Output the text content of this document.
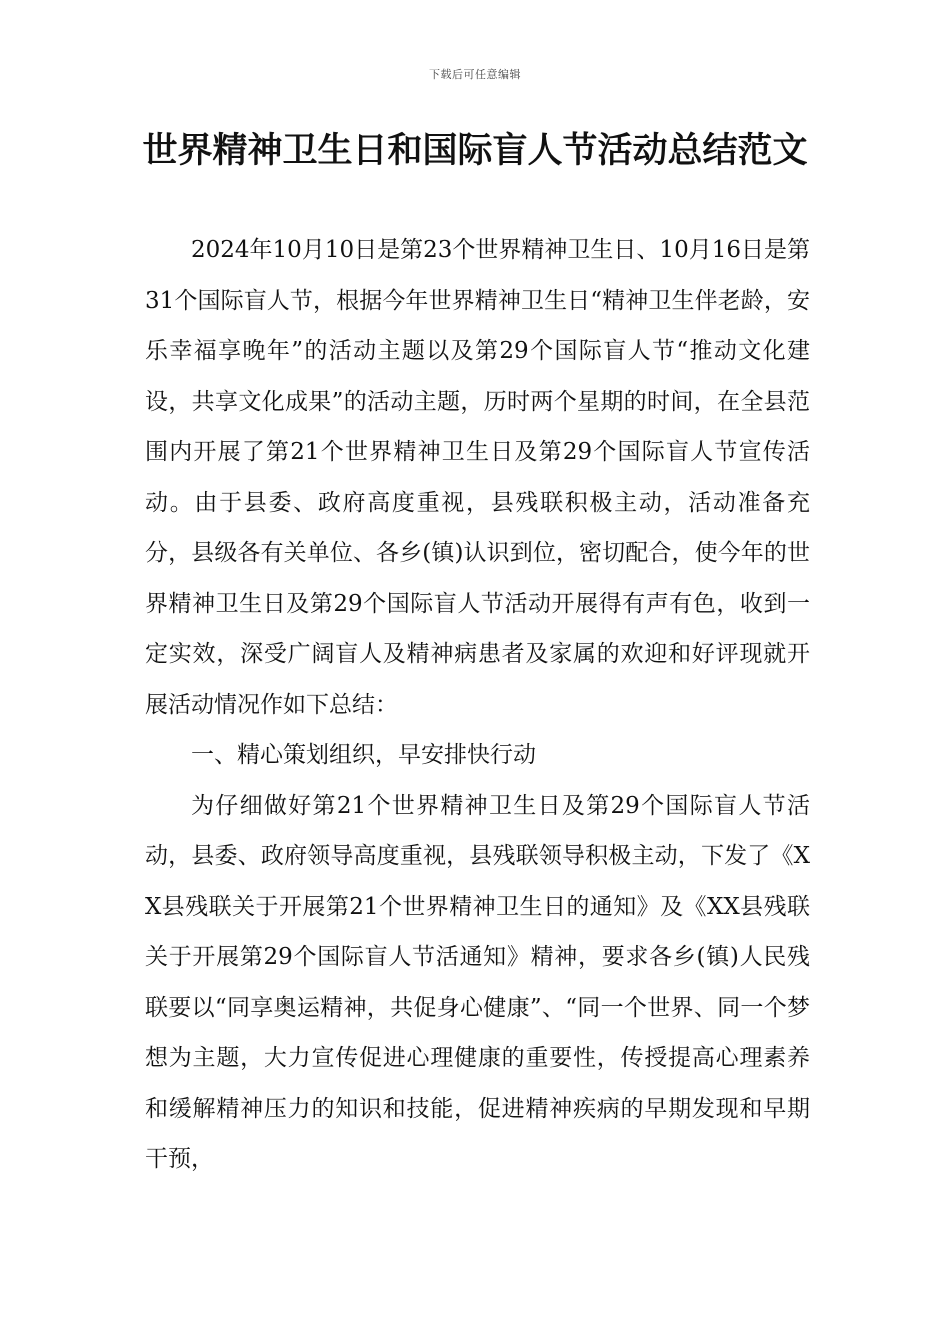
下载后可任意编辑
世界精神卫生日和国际盲人节活动总结范文

2024年10月10日是第23个世界精神卫生日、10月16日是第31个国际盲人节，根据今年世界精神卫生日“精神卫生伴老龄，安乐幸福享晚年”的活动主题以及第29个国际盲人节“推动文化建设，共享文化成果”的活动主题，历时两个星期的时间，在全县范围内开展了第21个世界精神卫生日及第29个国际盲人节宣传活动。由于县委、政府高度重视，县残联积极主动，活动准备充分，县级各有关单位、各乡(镇)认识到位，密切配合，使今年的世界精神卫生日及第29个国际盲人节活动开展得有声有色，收到一定实效，深受广阔盲人及精神病患者及家属的欢迎和好评现就开展活动情况作如下总结：

一、精心策划组织，早安排快行动

为仔细做好第21个世界精神卫生日及第29个国际盲人节活动，县委、政府领导高度重视，县残联领导积极主动，下发了《XX县残联关于开展第21个世界精神卫生日的通知》及《XX县残联关于开展第29个国际盲人节活通知》精神，要求各乡(镇)人民残联要以“同享奥运精神，共促身心健康”、“同一个世界、同一个梦想为主题，大力宣传促进心理健康的重要性，传授提高心理素养和缓解精神压力的知识和技能，促进精神疾病的早期发现和早期干预，
